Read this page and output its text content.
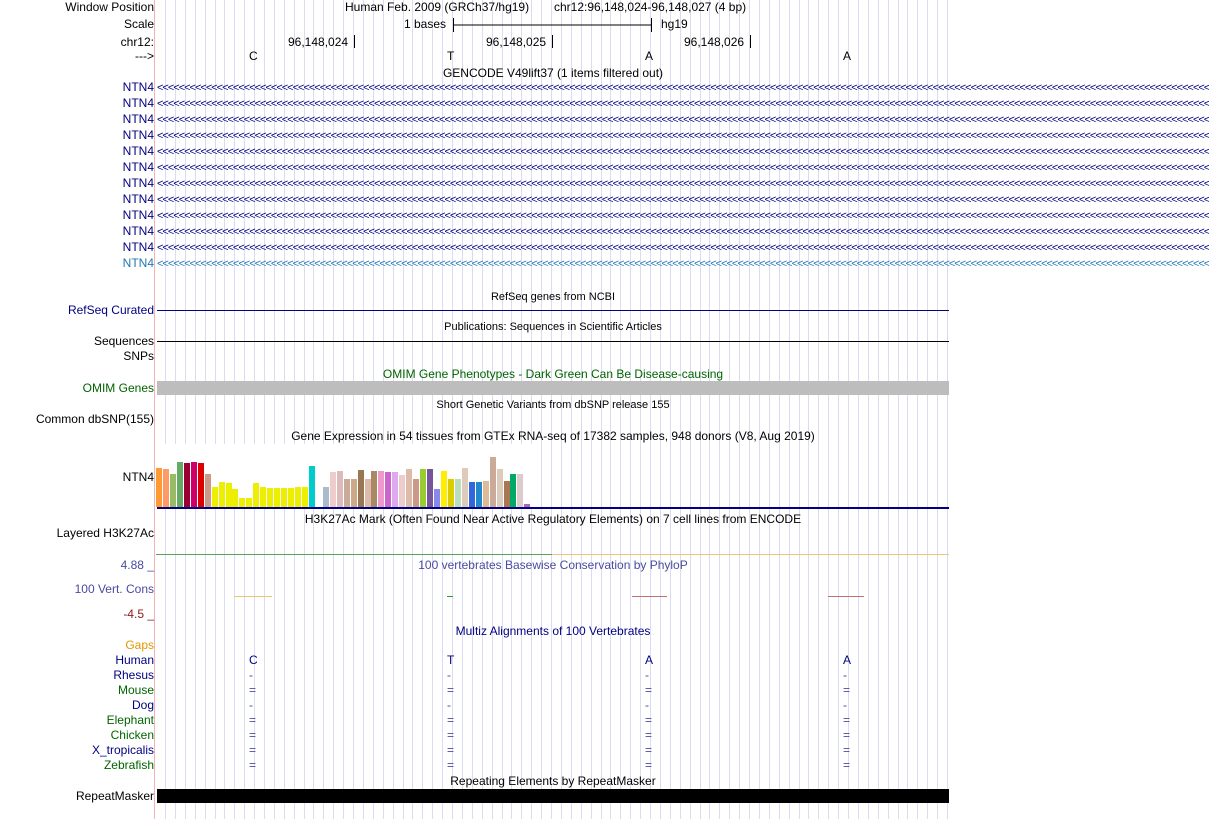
Window Position	Human Feb. 2009 (GRCh37/hg19) chr12:96,148,024-96,148,027 (4 bp)
Scale	1 bases	hg19
chr12:	96,148,024	96,148,025	96,148,026
--->	C	T	A	A
GENCODE V49lift37 (1 items filtered out)
NTN4 <<<<<<<<<<<<<<<<<<<<<<<<<<<<<<<<<<<<<<<<<<<<<<<<<<<<<<<<<<<<<<<<<<<<<<<<<<<<<<<<<<<<<<<<<<<<<<<<<<<<<<<<<<<<<<<<<<<<<<<<<<<<<<<<<<<<<<<<<<<<<<<<<<<<<<<<<<<<<<<<<<<<<<<<<<<<<<<<<<<<<<<<<<<<<<<<<<
NTN4 <<<<<<<<<<<<<<<<<<<<<<<<<<<<<<<<<<<<<<<<<<<<<<<<<<<<<<<<<<<<<<<<<<<<<<<<<<<<<<<<<<<<<<<<<<<<<<<<<<<<<<<<<<<<<<<<<<<<<<<<<<<<<<<<<<<<<<<<<<<<<<<<<<<<<<<<<<<<<<<<<<<<<<<<<<<<<<<<<<<<<<<<<<<<<<<<<<
NTN4 <<<<<<<<<<<<<<<<<<<<<<<<<<<<<<<<<<<<<<<<<<<<<<<<<<<<<<<<<<<<<<<<<<<<<<<<<<<<<<<<<<<<<<<<<<<<<<<<<<<<<<<<<<<<<<<<<<<<<<<<<<<<<<<<<<<<<<<<<<<<<<<<<<<<<<<<<<<<<<<<<<<<<<<<<<<<<<<<<<<<<<<<<<<<<<<<<<
NTN4 <<<<<<<<<<<<<<<<<<<<<<<<<<<<<<<<<<<<<<<<<<<<<<<<<<<<<<<<<<<<<<<<<<<<<<<<<<<<<<<<<<<<<<<<<<<<<<<<<<<<<<<<<<<<<<<<<<<<<<<<<<<<<<<<<<<<<<<<<<<<<<<<<<<<<<<<<<<<<<<<<<<<<<<<<<<<<<<<<<<<<<<<<<<<<<<<<<
NTN4 <<<<<<<<<<<<<<<<<<<<<<<<<<<<<<<<<<<<<<<<<<<<<<<<<<<<<<<<<<<<<<<<<<<<<<<<<<<<<<<<<<<<<<<<<<<<<<<<<<<<<<<<<<<<<<<<<<<<<<<<<<<<<<<<<<<<<<<<<<<<<<<<<<<<<<<<<<<<<<<<<<<<<<<<<<<<<<<<<<<<<<<<<<<<<<<<<<
NTN4 <<<<<<<<<<<<<<<<<<<<<<<<<<<<<<<<<<<<<<<<<<<<<<<<<<<<<<<<<<<<<<<<<<<<<<<<<<<<<<<<<<<<<<<<<<<<<<<<<<<<<<<<<<<<<<<<<<<<<<<<<<<<<<<<<<<<<<<<<<<<<<<<<<<<<<<<<<<<<<<<<<<<<<<<<<<<<<<<<<<<<<<<<<<<<<<<<<
NTN4 <<<<<<<<<<<<<<<<<<<<<<<<<<<<<<<<<<<<<<<<<<<<<<<<<<<<<<<<<<<<<<<<<<<<<<<<<<<<<<<<<<<<<<<<<<<<<<<<<<<<<<<<<<<<<<<<<<<<<<<<<<<<<<<<<<<<<<<<<<<<<<<<<<<<<<<<<<<<<<<<<<<<<<<<<<<<<<<<<<<<<<<<<<<<<<<<<<
NTN4 <<<<<<<<<<<<<<<<<<<<<<<<<<<<<<<<<<<<<<<<<<<<<<<<<<<<<<<<<<<<<<<<<<<<<<<<<<<<<<<<<<<<<<<<<<<<<<<<<<<<<<<<<<<<<<<<<<<<<<<<<<<<<<<<<<<<<<<<<<<<<<<<<<<<<<<<<<<<<<<<<<<<<<<<<<<<<<<<<<<<<<<<<<<<<<<<<<
NTN4 <<<<<<<<<<<<<<<<<<<<<<<<<<<<<<<<<<<<<<<<<<<<<<<<<<<<<<<<<<<<<<<<<<<<<<<<<<<<<<<<<<<<<<<<<<<<<<<<<<<<<<<<<<<<<<<<<<<<<<<<<<<<<<<<<<<<<<<<<<<<<<<<<<<<<<<<<<<<<<<<<<<<<<<<<<<<<<<<<<<<<<<<<<<<<<<<<<
NTN4 <<<<<<<<<<<<<<<<<<<<<<<<<<<<<<<<<<<<<<<<<<<<<<<<<<<<<<<<<<<<<<<<<<<<<<<<<<<<<<<<<<<<<<<<<<<<<<<<<<<<<<<<<<<<<<<<<<<<<<<<<<<<<<<<<<<<<<<<<<<<<<<<<<<<<<<<<<<<<<<<<<<<<<<<<<<<<<<<<<<<<<<<<<<<<<<<<<
NTN4 <<<<<<<<<<<<<<<<<<<<<<<<<<<<<<<<<<<<<<<<<<<<<<<<<<<<<<<<<<<<<<<<<<<<<<<<<<<<<<<<<<<<<<<<<<<<<<<<<<<<<<<<<<<<<<<<<<<<<<<<<<<<<<<<<<<<<<<<<<<<<<<<<<<<<<<<<<<<<<<<<<<<<<<<<<<<<<<<<<<<<<<<<<<<<<<<<<
NTN4 <<<<<<<<<<<<<<<<<<<<<<<<<<<<<<<<<<<<<<<<<<<<<<<<<<<<<<<<<<<<<<<<<<<<<<<<<<<<<<<<<<<<<<<<<<<<<<<<<<<<<<<<<<<<<<<<<<<<<<<<<<<<<<<<<<<<<<<<<<<<<<<<<<<<<<<<<<<<<<<<<<<<<<<<<<<<<<<<<<<<<<<<<<<<<<<<<<
RefSeq genes from NCBI
RefSeq Curated
Publications: Sequences in Scientific Articles
Sequences
SNPs
OMIM Gene Phenotypes - Dark Green Can Be Disease-causing
OMIM Genes
Short Genetic Variants from dbSNP release 155
Common dbSNP(155)
Gene Expression in 54 tissues from GTEx RNA-seq of 17382 samples, 948 donors (V8, Aug 2019)
NTN4
H3K27Ac Mark (Often Found Near Active Regulatory Elements) on 7 cell lines from ENCODE
Layered H3K27Ac
4.88 _	100 vertebrates Basewise Conservation by PhyloP
100 Vert. Cons
-4.5 _
Multiz Alignments of 100 Vertebrates
Gaps
Human	C	T	A	A
Rhesus	-	-	-	-
Mouse	=	=	=	=
Dog	-	-	-	-
Elephant	=	=	=	=
Chicken	=	=	=	=
X_tropicalis	=	=	=	=
Zebrafish	=	=	=	=
Repeating Elements by RepeatMasker
RepeatMasker
